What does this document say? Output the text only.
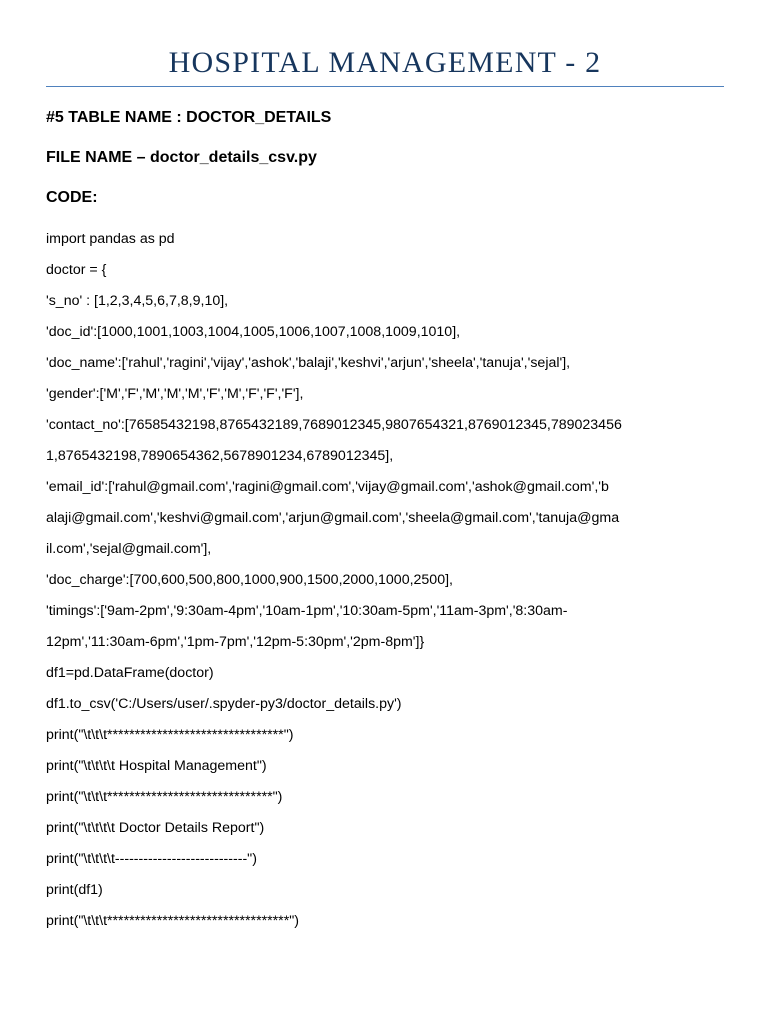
HOSPITAL MANAGEMENT - 2
#5 TABLE NAME : DOCTOR_DETAILS
FILE NAME – doctor_details_csv.py
CODE:
import pandas as pd
doctor = {
's_no' : [1,2,3,4,5,6,7,8,9,10],
'doc_id':[1000,1001,1003,1004,1005,1006,1007,1008,1009,1010],
'doc_name':['rahul','ragini','vijay','ashok','balaji','keshvi','arjun','sheela','tanuja','sejal'],
'gender':['M','F','M','M','M','F','M','F','F','F'],
'contact_no':[76585432198,8765432189,7689012345,9807654321,8769012345,789023456
1,8765432198,7890654362,5678901234,6789012345],
'email_id':['rahul@gmail.com','ragini@gmail.com','vijay@gmail.com','ashok@gmail.com','b
alaji@gmail.com','keshvi@gmail.com','arjun@gmail.com','sheela@gmail.com','tanuja@gma
il.com','sejal@gmail.com'],
'doc_charge':[700,600,500,800,1000,900,1500,2000,1000,2500],
'timings':['9am-2pm','9:30am-4pm','10am-1pm','10:30am-5pm','11am-3pm','8:30am-
12pm','11:30am-6pm','1pm-7pm','12pm-5:30pm','2pm-8pm']}
df1=pd.DataFrame(doctor)
df1.to_csv('C:/Users/user/.spyder-py3/doctor_details.py')
print("\t\t\t********************************")
print("\t\t\t\t Hospital Management")
print("\t\t\t******************************")
print("\t\t\t\t Doctor Details Report")
print("\t\t\t\t----------------------------")
print(df1)
print("\t\t\t*********************************")
